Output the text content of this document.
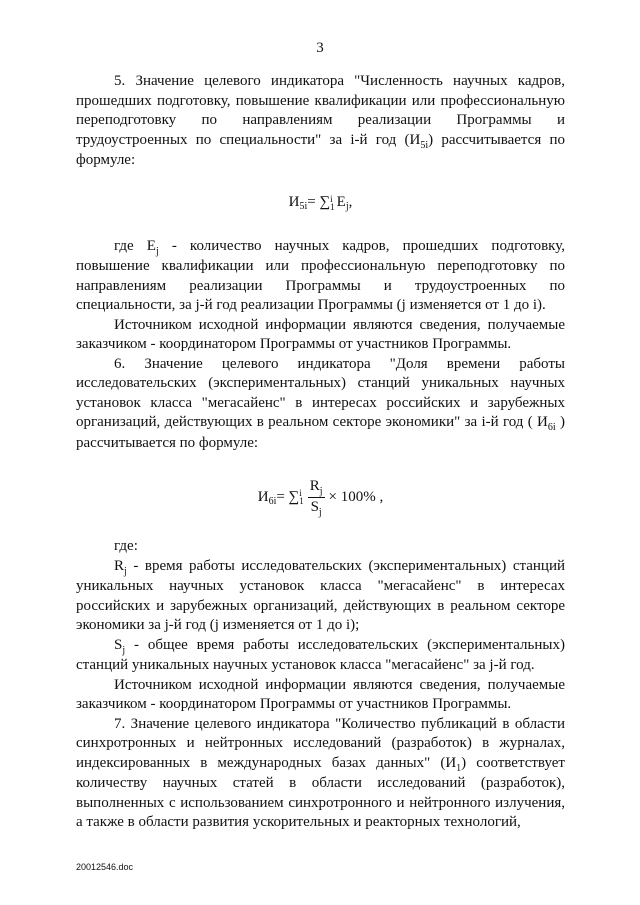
3

5. Значение целевого индикатора "Численность научных кадров, прошедших подготовку, повышение квалификации или профессиональную переподготовку по направлениям реализации Программы и трудоустроенных по специальности" за i-й год $(И_{5i})$ рассчитывается по формуле:

И 5i = ∑ i
1 E j ,

где $E_j$ - количество научных кадров, прошедших подготовку, повышение квалификации или профессиональную переподготовку по направлениям реализации Программы и трудоустроенных по специальности, за j-й год реализации Программы (j изменяется от 1 до i).

Источником исходной информации являются сведения, получаемые заказчиком - координатором Программы от участников Программы.

6. Значение целевого индикатора "Доля времени работы исследовательских (экспериментальных) станций уникальных научных установок класса "мегасайенс" в интересах российских и зарубежных организаций, действующих в реальном секторе экономики" за i-й год ( $И_{6i}$ ) рассчитывается по формуле:

И 6i = ∑ i
$1 \frac{R_j}{S_j} \times 100\%$ ,

где:

$R_j$ - время работы исследовательских (экспериментальных) станций уникальных научных установок класса "мегасайенс" в интересах российских и зарубежных организаций, действующих в реальном секторе экономики за j-й год (j изменяется от 1 до i);

$S_j$ - общее время работы исследовательских (экспериментальных) станций уникальных научных установок класса "мегасайенс" за j-й год.

Источником исходной информации являются сведения, получаемые заказчиком - координатором Программы от участников Программы.

7. Значение целевого индикатора "Количество публикаций в области синхротронных и нейтронных исследований (разработок) в журналах, индексированных в международных базах данных" $(И_1)$ соответствует количеству научных статей в области исследований (разработок), выполненных с использованием синхротронного и нейтронного излучения, а также в области развития ускорительных и реакторных технологий,

20012546.doc
